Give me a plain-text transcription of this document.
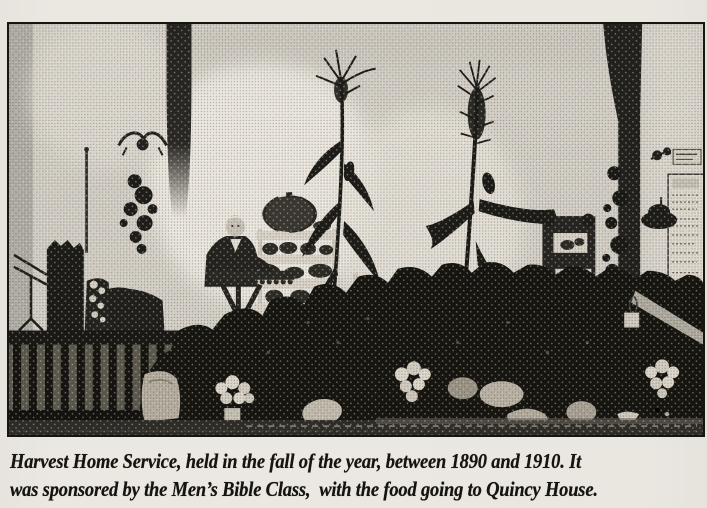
Harvest Home Service, held in the fall of the year, between 1890 and 1910. It
was sponsored by the Men’s Bible Class,  with the food going to Quincy House.
